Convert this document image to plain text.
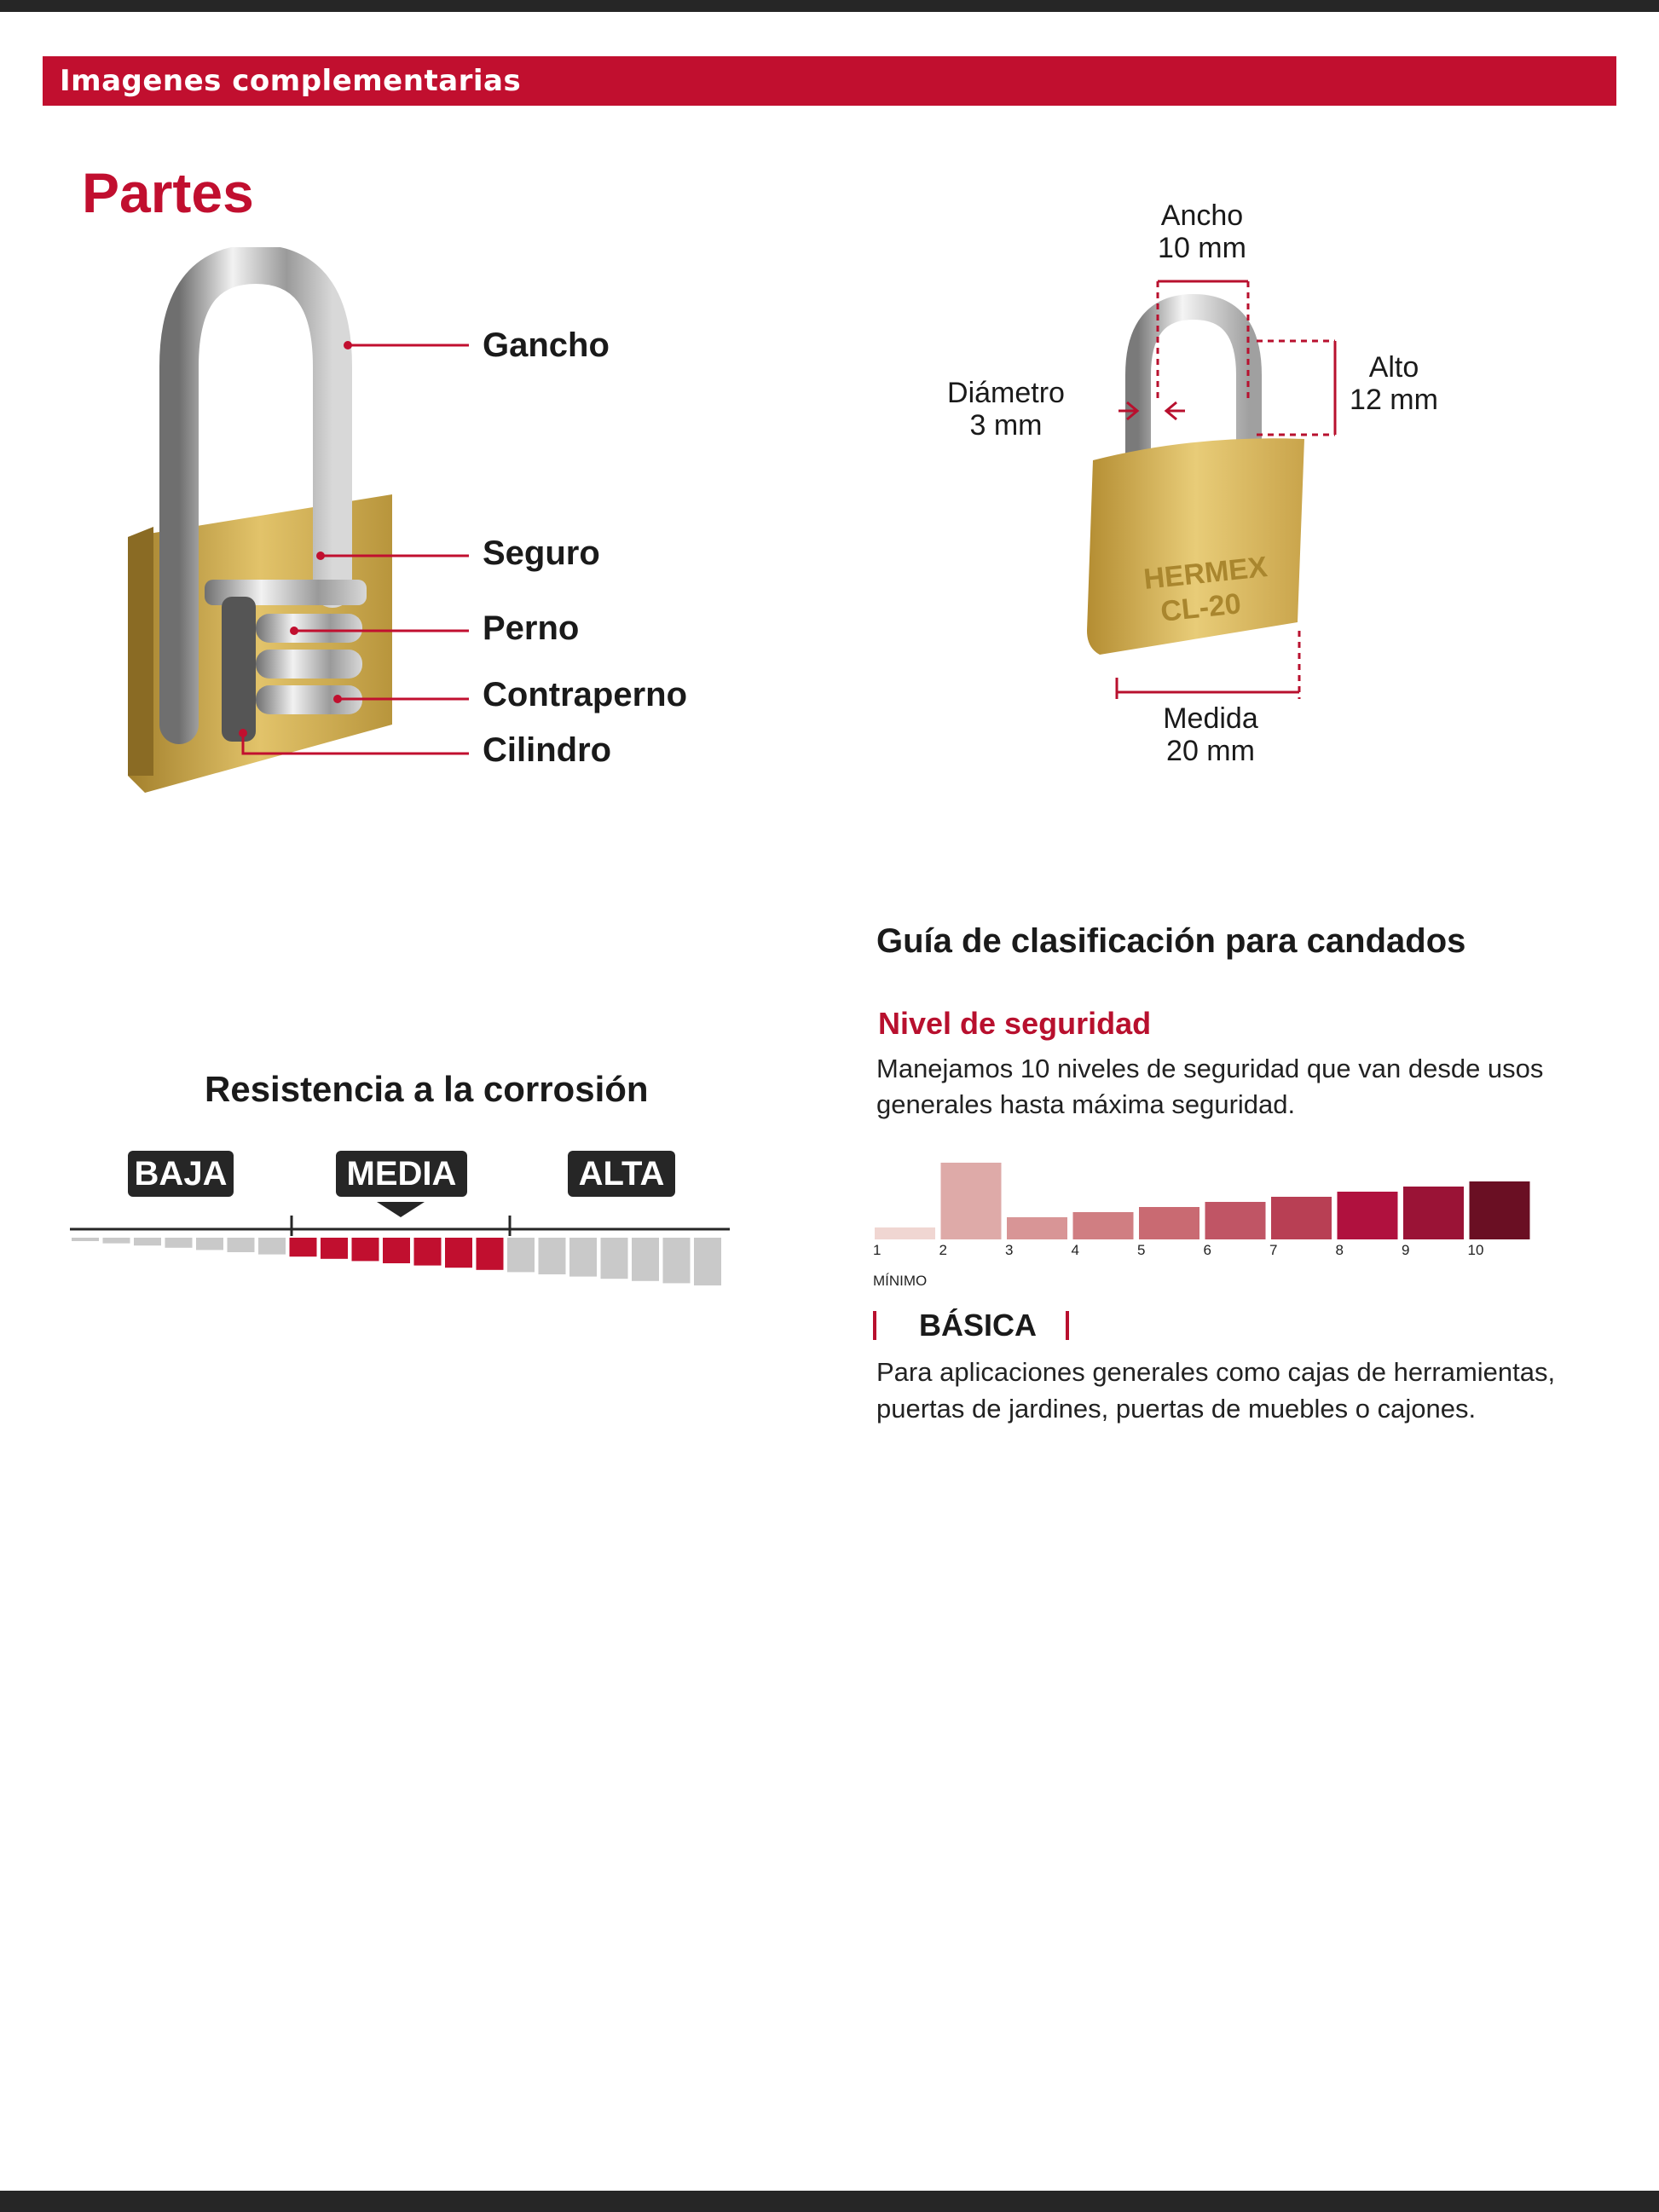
Imagenes complementarias
Partes
Gancho
Seguro
Perno
Contraperno
Cilindro
HERMEX
CL-20
Ancho
10 mm
Alto
12 mm
Diámetro
3 mm
Medida
20 mm
Resistencia a la corrosión
BAJA	MEDIA	ALTA
Guía de clasificación para candados
Nivel de seguridad
Manejamos 10 niveles de seguridad que van desde usos
generales hasta máxima seguridad.
1	2	3	4	5	6	7	8	9	10
MÍNIMO
BÁSICA
Para aplicaciones generales como cajas de herramientas,
puertas de jardines, puertas de muebles o cajones.
